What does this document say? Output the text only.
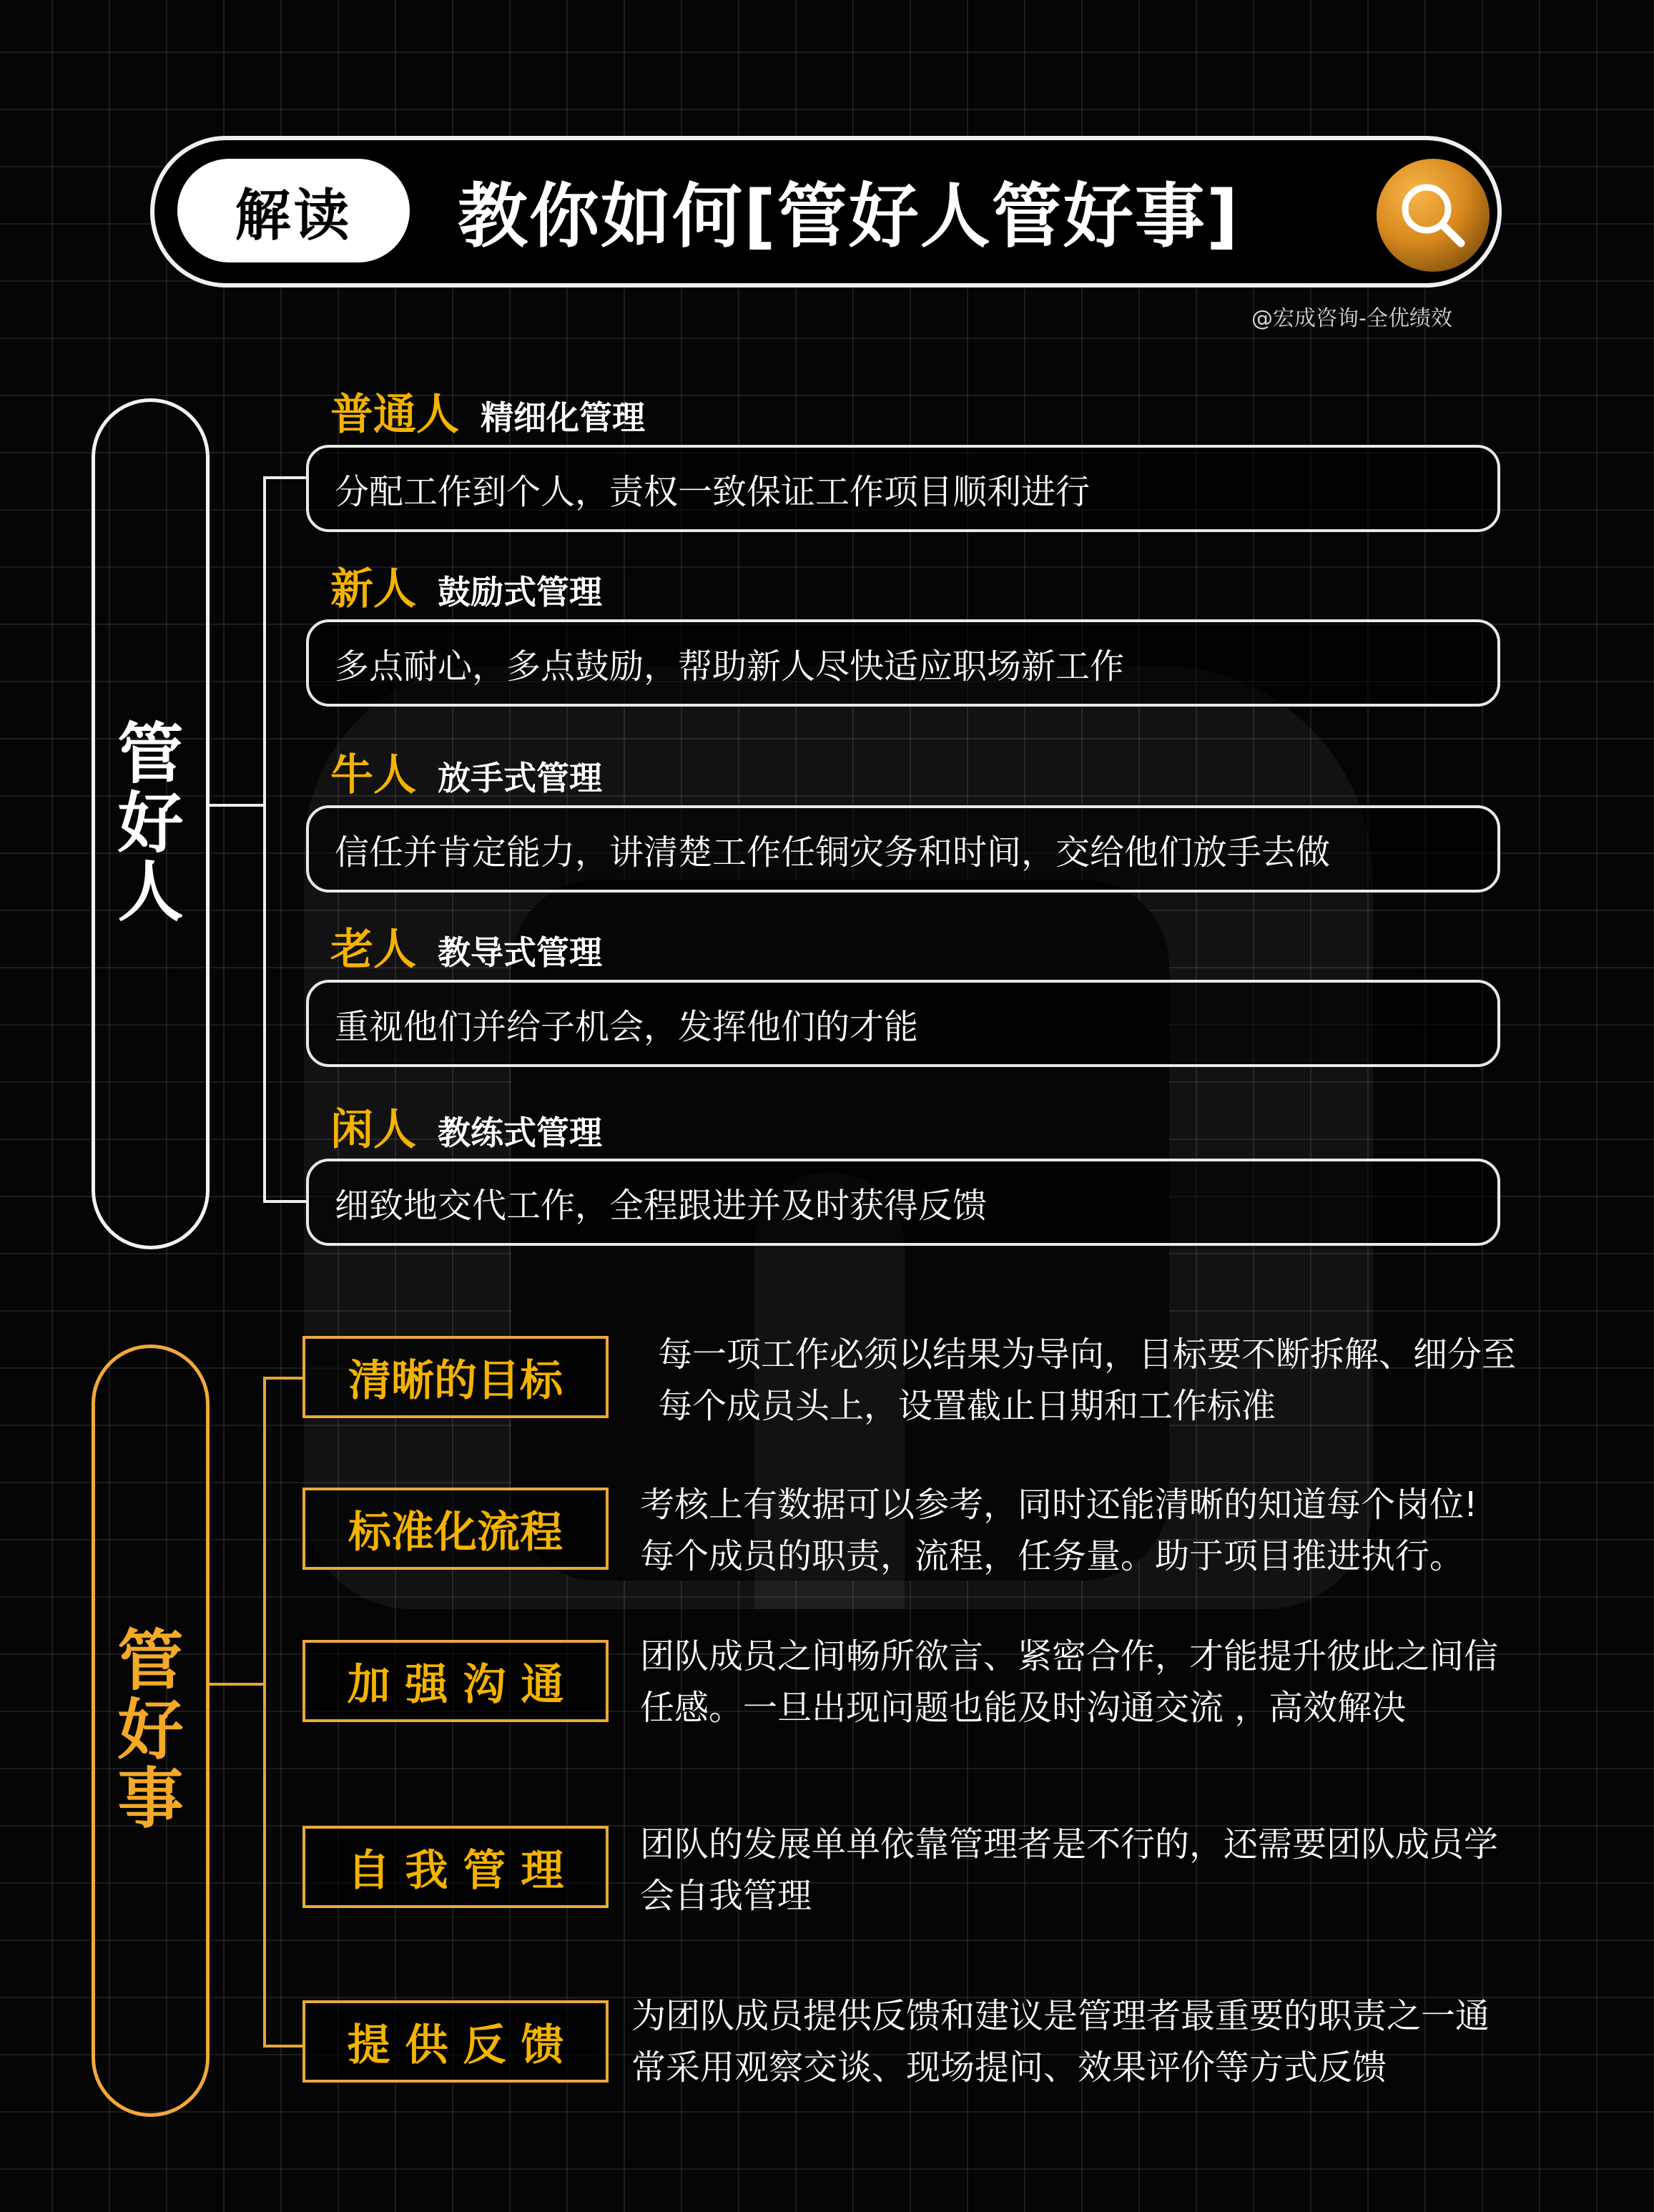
解读	教你如何[管好人管好事]
@宏成咨询-全优绩效
管
好
人
普通人 精细化管理
分配工作到个人，责权一致保证工作项目顺利进行
新人 鼓励式管理
多点耐心，多点鼓励，帮助新人尽快适应职场新工作
牛人 放手式管理
信任并肯定能力，讲清楚工作任铜灾务和时间，交给他们放手去做
老人 教导式管理
重视他们并给子机会，发挥他们的才能
闲人 教练式管理
细致地交代工作，全程跟进并及时获得反馈
管
好
事
清晰的目标
每一项工作必须以结果为导向，目标要不断拆解、细分至
每个成员头上，设置截止日期和工作标准
标准化流程
考核上有数据可以参考，同时还能清晰的知道每个岗位!
每个成员的职责，流程，任务量。助于项目推进执行。
加 强 沟 通
团队成员之间畅所欲言、紧密合作，才能提升彼此之间信
任感。一旦出现问题也能及时沟通交流 ，高效解决
自 我 管 理
团队的发展单单依靠管理者是不行的，还需要团队成员学
会自我管理
提 供 反 馈
为团队成员提供反馈和建议是管理者最重要的职责之一通
常采用观察交谈、现场提问、效果评价等方式反馈
